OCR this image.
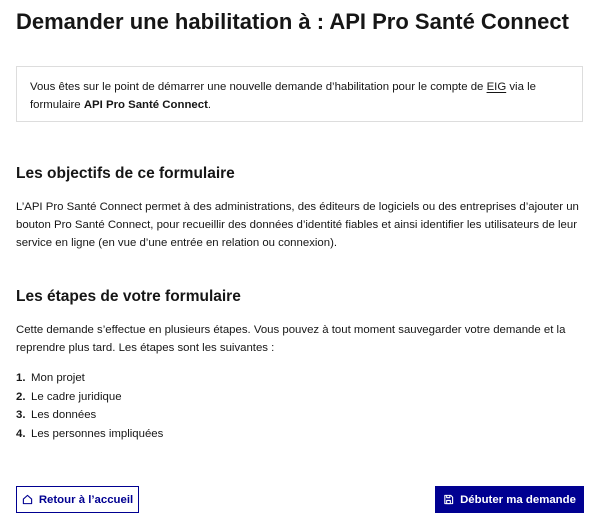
Demander une habilitation à : API Pro Santé Connect
Vous êtes sur le point de démarrer une nouvelle demande d’habilitation pour le compte de EIG via le formulaire API Pro Santé Connect.
Les objectifs de ce formulaire

L’API Pro Santé Connect permet à des administrations, des éditeurs de logiciels ou des entreprises d’ajouter un bouton Pro Santé Connect, pour recueillir des données d’identité fiables et ainsi identifier les utilisateurs de leur service en ligne (en vue d’une entrée en relation ou connexion).

Les étapes de votre formulaire

Cette demande s’effectue en plusieurs étapes. Vous pouvez à tout moment sauvegarder votre demande et la reprendre plus tard. Les étapes sont les suivantes :

1. Mon projet
2. Le cadre juridique
3. Les données
4. Les personnes impliquées
Retour à l’accueil	Débuter ma demande
